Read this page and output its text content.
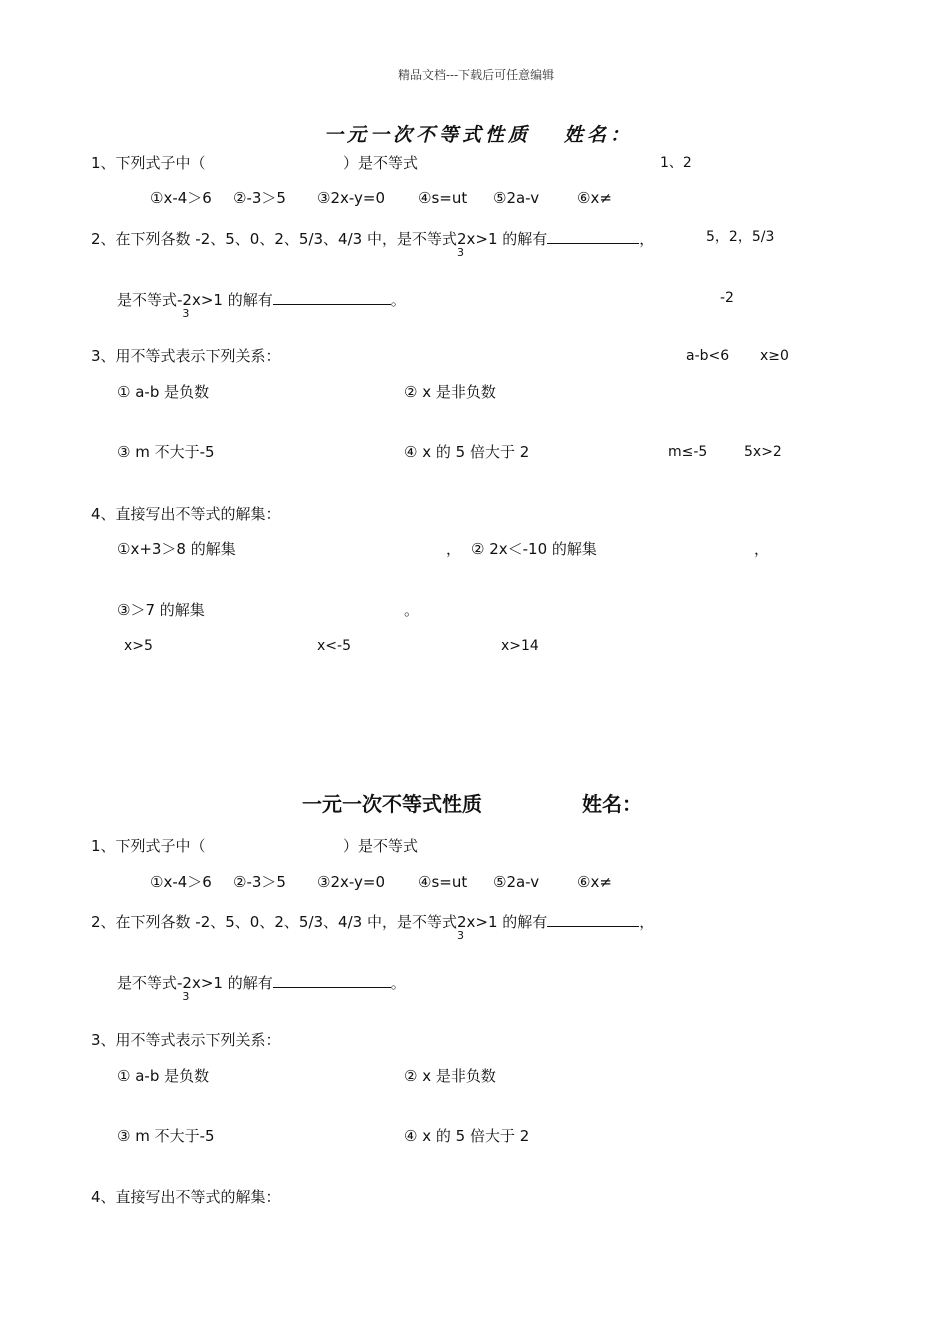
精品文档---下载后可任意编辑
一元一次不等式性质 姓名：
1、下列式子中（	）是不等式	1、2
①x-4＞6 ②-3＞5 ③2x-y=0 ④s=ut ⑤2a-v	⑥x≠
2、在下列各数 -2、5、0、2、5/3、4/3 中，是不等式2x
3
>1 的解有	，	5，2，5/3
是不等式-2x
3
>1 的解有	。	-2
3、用不等式表示下列关系：	a-b<6 x≥0
① a-b 是负数	② x 是非负数
③ m 不大于-5	④ x 的 5 倍大于 2	m≤-5	5x>2
4、直接写出不等式的解集：
①x+3＞8 的解集	， ② 2x＜-10 的解集	，
③＞7 的解集	。
x>5	x<-5	x>14
一元一次不等式性质	姓名：
1、下列式子中（	）是不等式
①x-4＞6 ②-3＞5 ③2x-y=0 ④s=ut ⑤2a-v	⑥x≠
2、在下列各数 -2、5、0、2、5/3、4/3 中，是不等式2x
3
>1 的解有	，
是不等式-2x
3
>1 的解有	。
3、用不等式表示下列关系：
① a-b 是负数	② x 是非负数
③ m 不大于-5	④ x 的 5 倍大于 2
4、直接写出不等式的解集：
